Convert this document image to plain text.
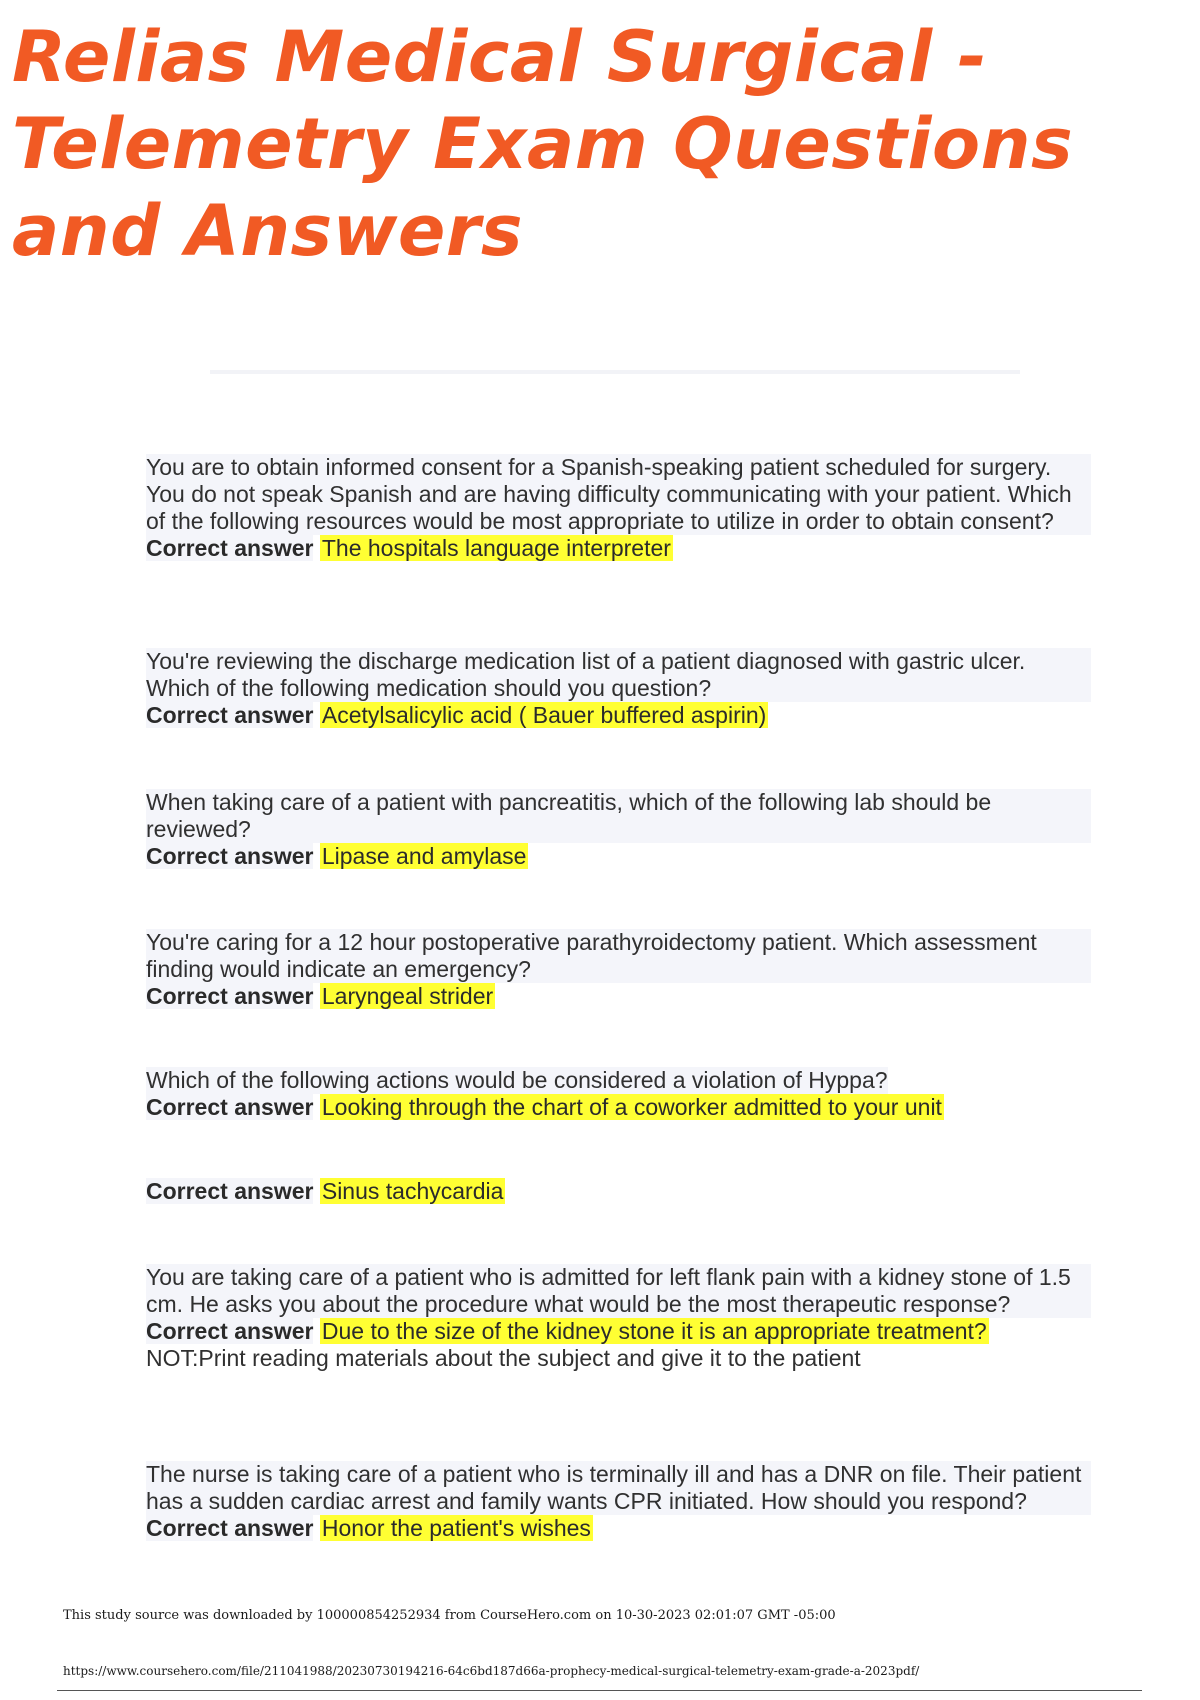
Relias Medical Surgical -Telemetry Exam Questions and Answers

You are to obtain informed consent for a Spanish-speaking patient scheduled for surgery. You do not speak Spanish and are having difficulty communicating with your patient. Which of the following resources would be most appropriate to utilize in order to obtain consent?

Correct answer The hospitals language interpreter

You're reviewing the discharge medication list of a patient diagnosed with gastric ulcer. Which of the following medication should you question?

Correct answer Acetylsalicylic acid ( Bauer buffered aspirin)

When taking care of a patient with pancreatitis, which of the following lab should be reviewed?

Correct answer Lipase and amylase

You're caring for a 12 hour postoperative parathyroidectomy patient. Which assessment finding would indicate an emergency?

Correct answer Laryngeal strider

Which of the following actions would be considered a violation of Hyppa?

Correct answer Looking through the chart of a coworker admitted to your unit
Correct answer Sinus tachycardia

You are taking care of a patient who is admitted for left flank pain with a kidney stone of 1.5 cm. He asks you about the procedure what would be the most therapeutic response?

Correct answer Due to the size of the kidney stone it is an appropriate treatment?
NOT:Print reading materials about the subject and give it to the patient

The nurse is taking care of a patient who is terminally ill and has a DNR on file. Their patient has a sudden cardiac arrest and family wants CPR initiated. How should you respond?

Correct answer Honor the patient's wishes

This study source was downloaded by 100000854252934 from CourseHero.com on 10-30-2023 02:01:07 GMT -05:00

https://www.coursehero.com/file/211041988/20230730194216-64c6bd187d66a-prophecy-medical-surgical-telemetry-exam-grade-a-2023pdf/
